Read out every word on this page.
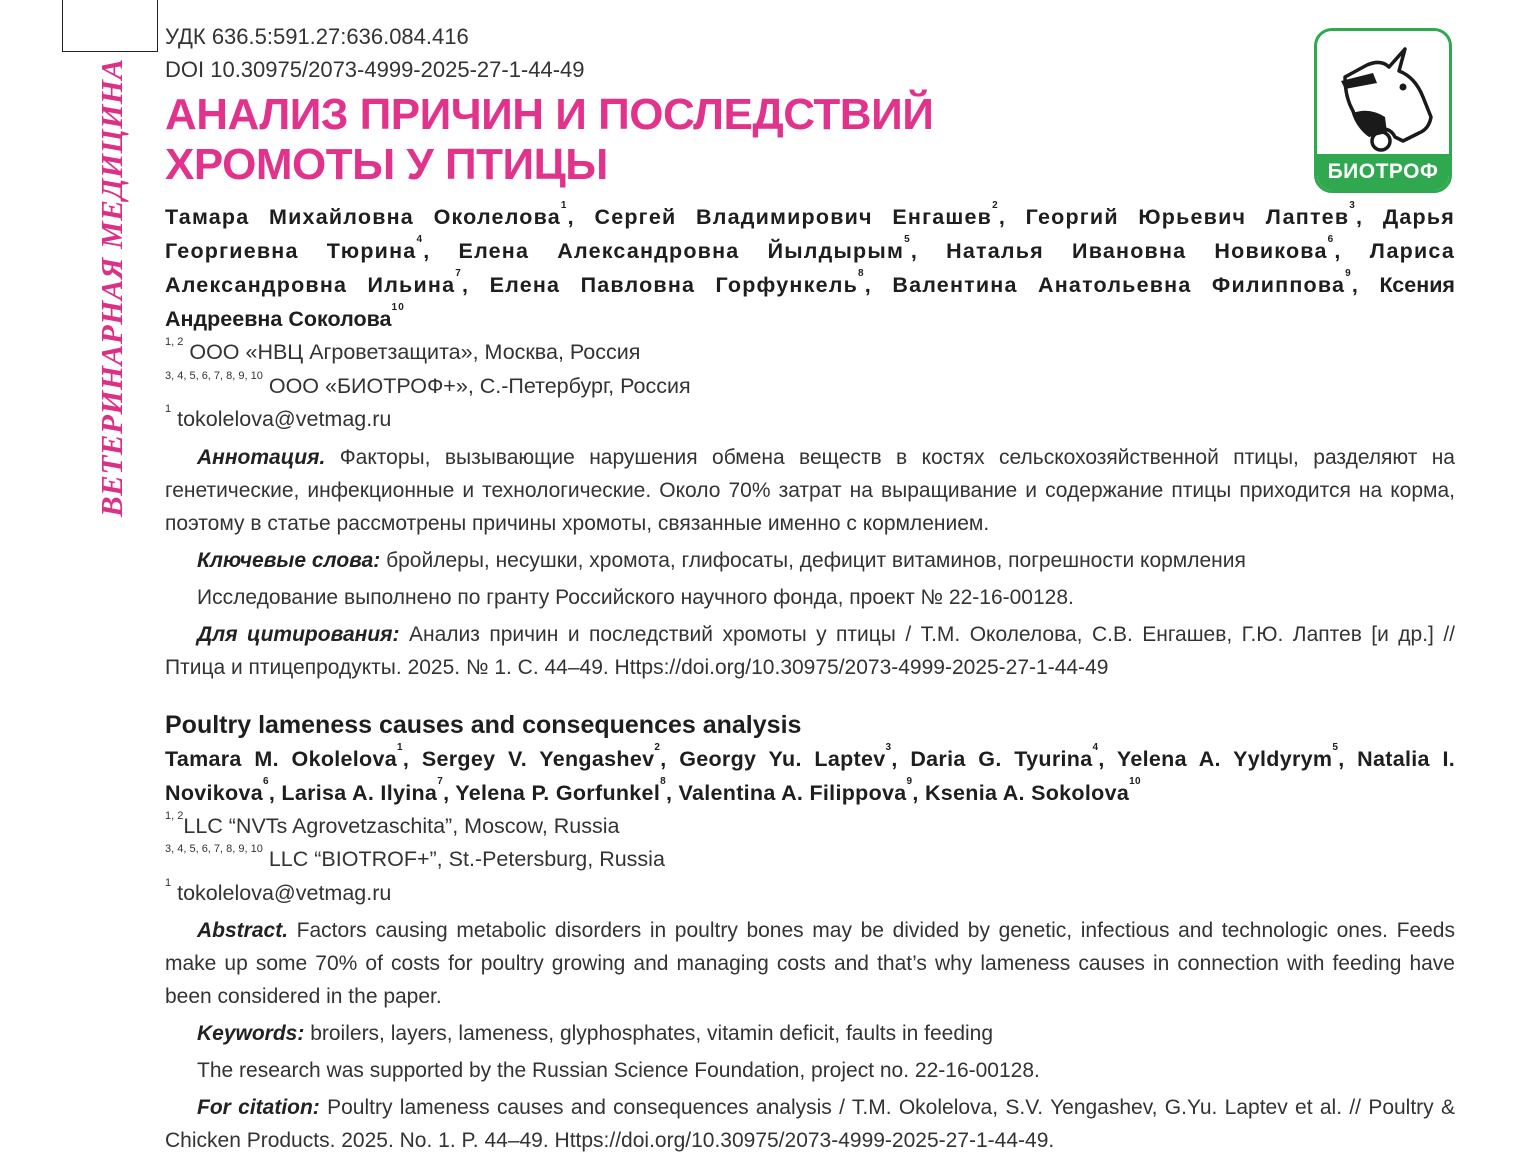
ВЕТЕРИНАРНАЯ МЕДИЦИНА	БИОТРОФ
УДК 636.5:591.27:636.084.416
DOI 10.30975/2073-4999-2025-27-1-44-49
АНАЛИЗ ПРИЧИН И ПОСЛЕДСТВИЙ
ХРОМОТЫ У ПТИЦЫ
Тамара Михайловна Околелова$^1$, Сергей Владимирович Енгашев$^2$, Георгий Юрьевич Лаптев$^3$, Дарья Георгиевна Тюрина$^4$, Елена Александровна Йылдырым$^5$, Наталья Ивановна Новикова$^6$, Лариса Александровна Ильина$^7$, Елена Павловна Горфункель$^8$, Валентина Анатольевна Филиппова$^9$, Ксения Андреевна Соколова$^{10}$
$^{1, 2}$ ООО «НВЦ Агроветзащита», Москва, Россия
$^{3, 4, 5, 6, 7, 8, 9, 10}$ ООО «БИОТРОФ+», С.-Петербург, Россия
$^1$ tokolelova@vetmag.ru
Аннотация. Факторы, вызывающие нарушения обмена веществ в костях сельскохозяйственной птицы, разделяют на генетические, инфекционные и технологические. Около 70% затрат на выращивание и содержание птицы приходится на корма, поэтому в статье рассмотрены причины хромоты, связанные именно с кормлением.
Ключевые слова: бройлеры, несушки, хромота, глифосаты, дефицит витаминов, погрешности кормления
Исследование выполнено по гранту Российского научного фонда, проект № 22-16-00128.
Для цитирования: Анализ причин и последствий хромоты у птицы / Т.М. Околелова, С.В. Енгашев, Г.Ю. Лаптев [и др.] // Птица и птицепродукты. 2025. № 1. С. 44–49. Https://doi.org/10.30975/2073-4999-2025-27-1-44-49
Poultry lameness causes and consequences analysis
Tamara M. Okolelova$^1$, Sergey V. Yengashev$^2$, Georgy Yu. Laptev$^3$, Daria G. Tyurina$^4$, Yelena A. Yyldyrym$^5$, Natalia I. Novikova$^6$, Larisa A. Ilyina$^7$, Yelena P. Gorfunkel$^8$, Valentina A. Filippova$^9$, Ksenia A. Sokolova$^{10}$
$^{1, 2}$LLC “NVTs Agrovetzaschita”, Moscow, Russia
$^{3, 4, 5, 6, 7, 8, 9, 10}$ LLC “BIOTROF+”, St.-Petersburg, Russia
$^1$ tokolelova@vetmag.ru
Abstract. Factors causing metabolic disorders in poultry bones may be divided by genetic, infectious and technologic ones. Feeds make up some 70% of costs for poultry growing and managing costs and that’s why lameness causes in connection with feeding have been considered in the paper.
Keywords: broilers, layers, lameness, glyphosphates, vitamin deficit, faults in feeding
The research was supported by the Russian Science Foundation, project no. 22-16-00128.
For citation: Poultry lameness causes and consequences analysis / T.M. Okolelova, S.V. Yengashev, G.Yu. Laptev et al. // Poultry & Chicken Products. 2025. No. 1. P. 44–49. Https://doi.org/10.30975/2073-4999-2025-27-1-44-49.
